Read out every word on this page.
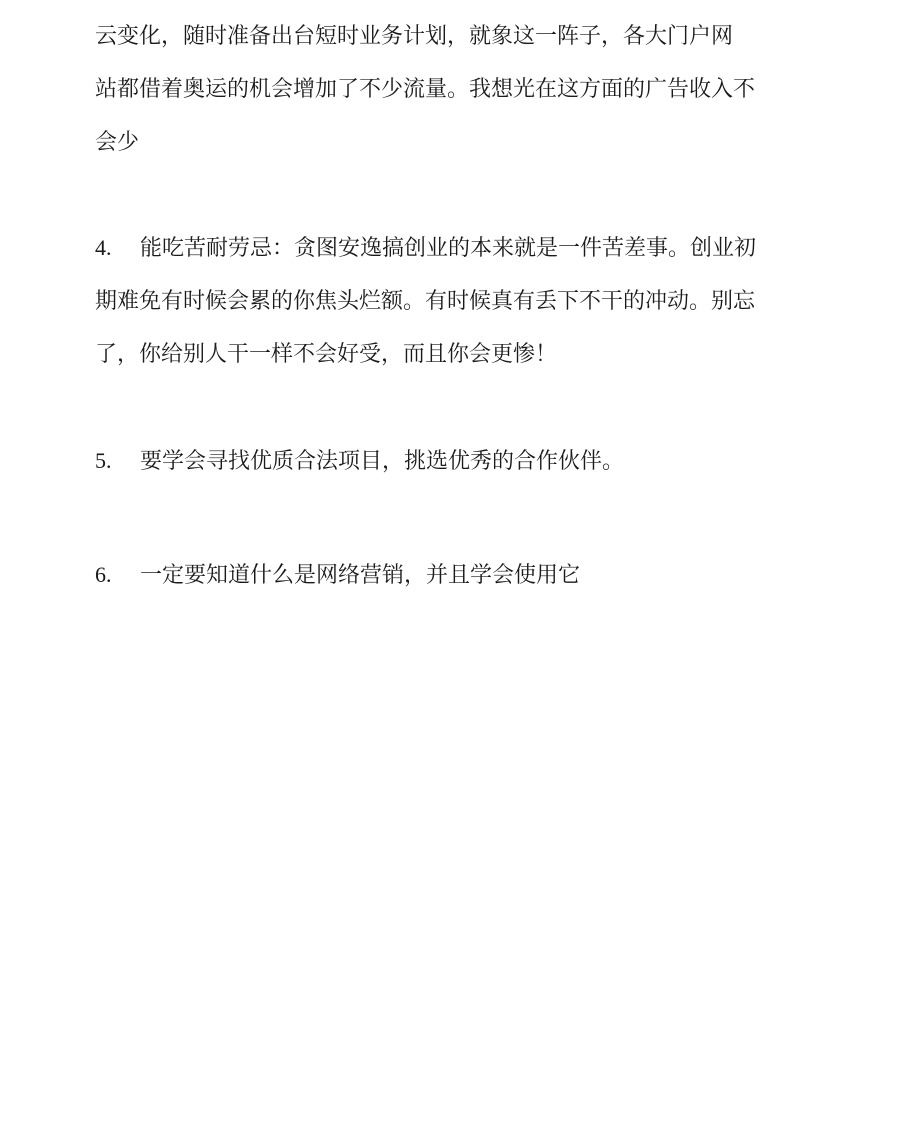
云变化，随时准备出台短时业务计划，就象这一阵子，各大门户网
站都借着奥运的机会增加了不少流量。我想光在这方面的广告收入不
会少
4. 能吃苦耐劳忌：贪图安逸搞创业的本来就是一件苦差事。创业初
期难免有时候会累的你焦头烂额。有时候真有丢下不干的冲动。别忘
了，你给别人干一样不会好受，而且你会更惨！
5. 要学会寻找优质合法项目，挑选优秀的合作伙伴。
6. 一定要知道什么是网络营销，并且学会使用它
